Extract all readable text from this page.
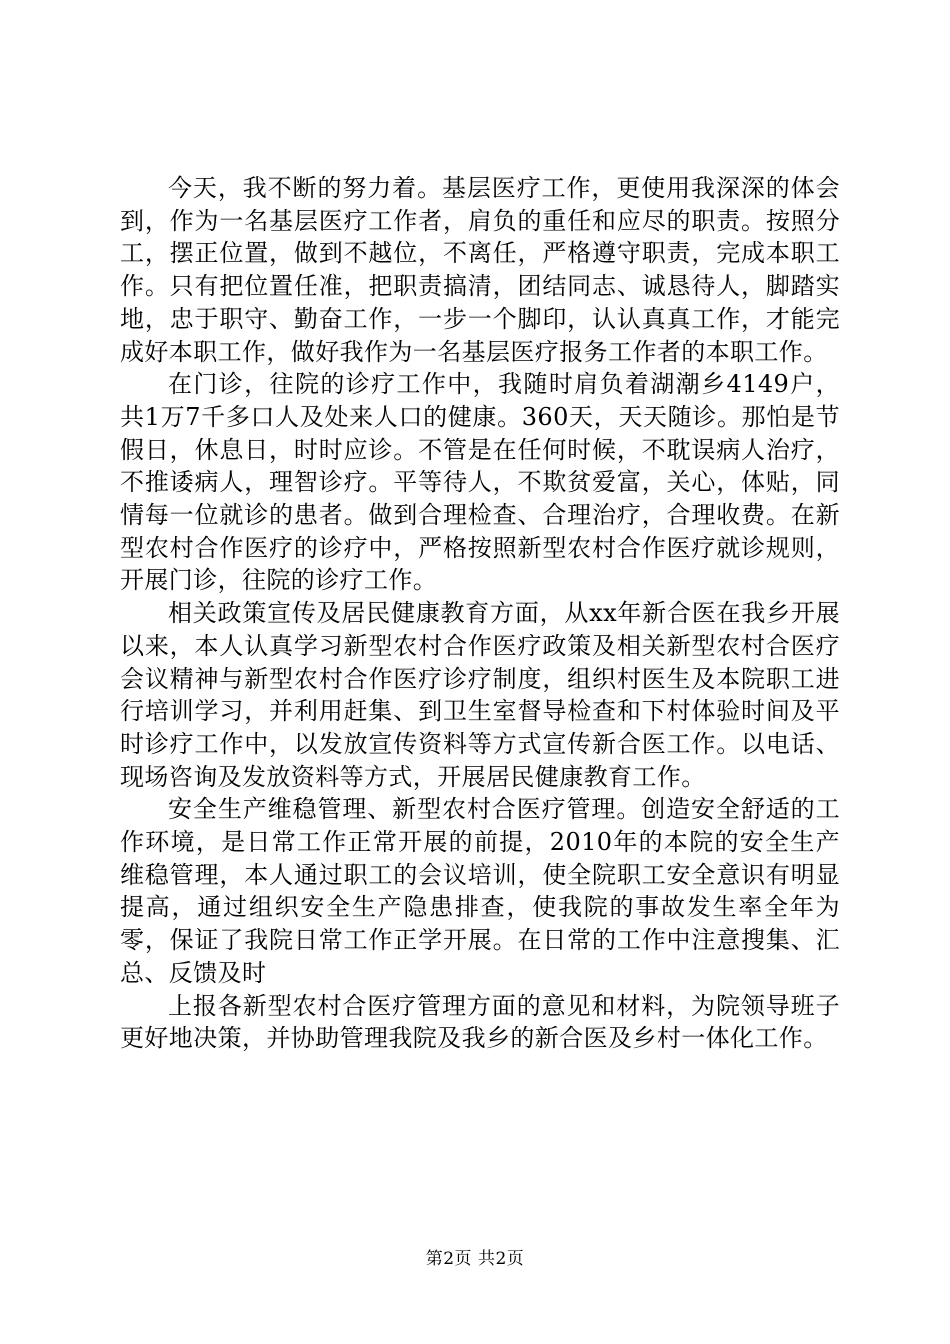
今天，我不断的努力着。基层医疗工作，更使用我深深的体会到，作为一名基层医疗工作者，肩负的重任和应尽的职责。按照分工，摆正位置，做到不越位，不离任，严格遵守职责，完成本职工作。只有把位置任准，把职责搞清，团结同志、诚恳待人，脚踏实地，忠于职守、勤奋工作，一步一个脚印，认认真真工作，才能完成好本职工作，做好我作为一名基层医疗报务工作者的本职工作。

在门诊，往院的诊疗工作中，我随时肩负着湖潮乡4149户，共1万7千多口人及处来人口的健康。360天，天天随诊。那怕是节假日，休息日，时时应诊。不管是在任何时候，不耽误病人治疗，不推诿病人，理智诊疗。平等待人，不欺贫爱富，关心，体贴，同情每一位就诊的患者。做到合理检查、合理治疗，合理收费。在新型农村合作医疗的诊疗中，严格按照新型农村合作医疗就诊规则，开展门诊，往院的诊疗工作。

相关政策宣传及居民健康教育方面，从xx年新合医在我乡开展以来，本人认真学习新型农村合作医疗政策及相关新型农村合医疗会议精神与新型农村合作医疗诊疗制度，组织村医生及本院职工进行培训学习，并利用赶集、到卫生室督导检查和下村体验时间及平时诊疗工作中，以发放宣传资料等方式宣传新合医工作。以电话、现场咨询及发放资料等方式，开展居民健康教育工作。

安全生产维稳管理、新型农村合医疗管理。创造安全舒适的工作环境，是日常工作正常开展的前提，2010年的本院的安全生产维稳管理，本人通过职工的会议培训，使全院职工安全意识有明显提高，通过组织安全生产隐患排查，使我院的事故发生率全年为零，保证了我院日常工作正学开展。在日常的工作中注意搜集、汇总、反馈及时

上报各新型农村合医疗管理方面的意见和材料，为院领导班子更好地决策，并协助管理我院及我乡的新合医及乡村一体化工作。

第2页 共2页
